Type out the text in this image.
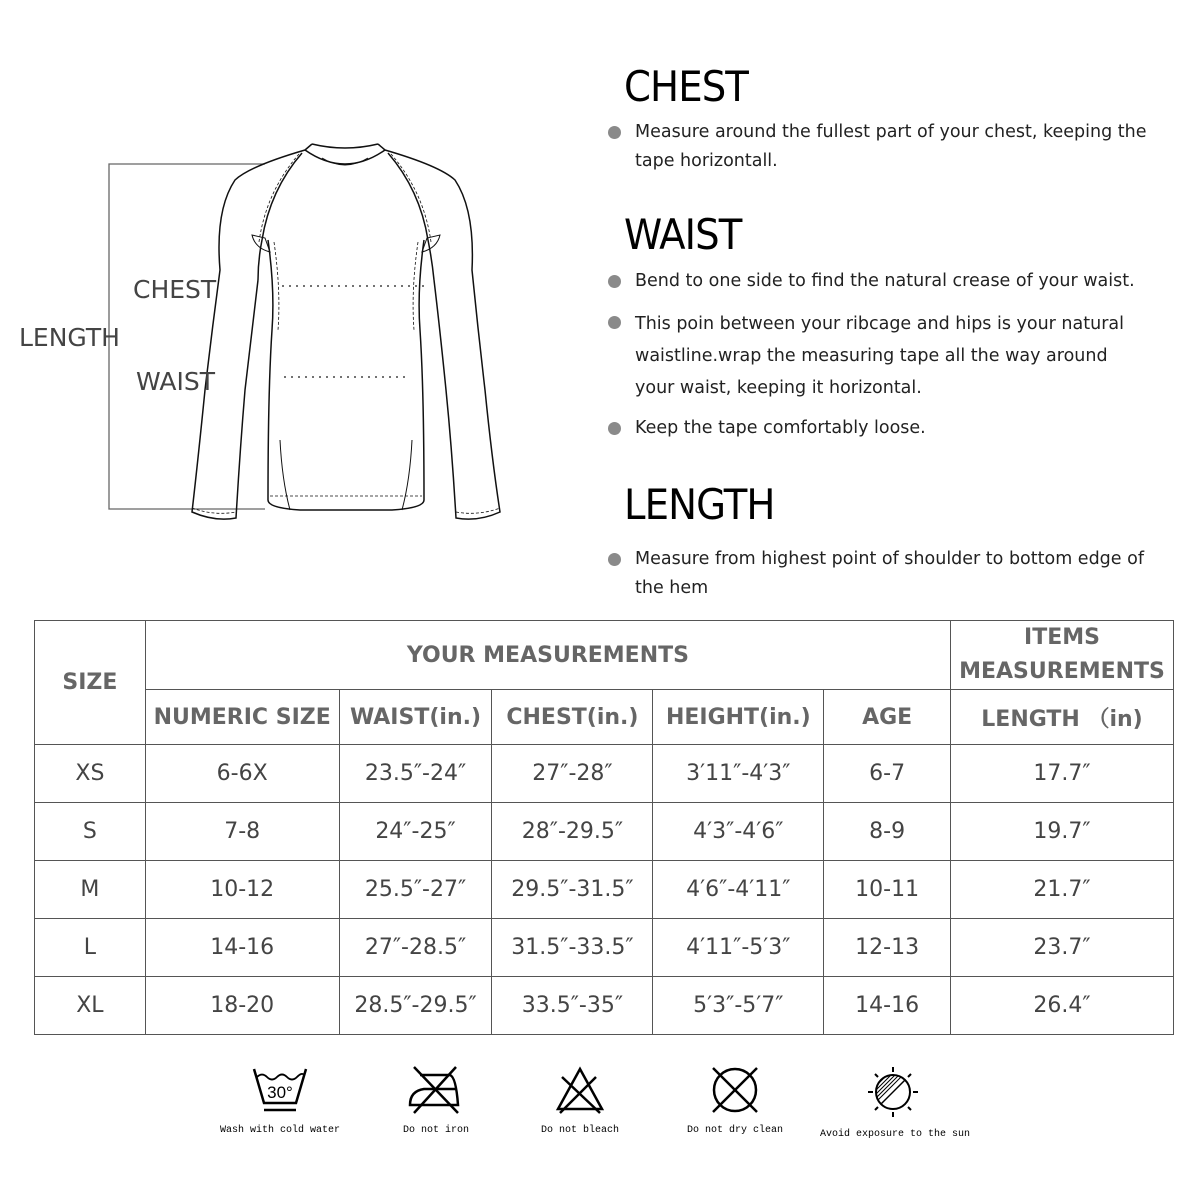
CHEST
WAIST
LENGTH
CHEST
Measure around the fullest part of your chest, keeping the tape horizontall.
WAIST
Bend to one side to find the natural crease of your waist.
This poin between your ribcage and hips is your natural waistline.wrap the measuring tape all the way around your waist, keeping it horizontal.
Keep the tape comfortably loose.
LENGTH
Measure from highest point of shoulder to bottom edge of the hem
SIZE	YOUR MEASUREMENTS					ITEMS MEASUREMENTS
	NUMERIC SIZE	WAIST(in.)	CHEST(in.)	HEIGHT(in.)	AGE	LENGTH （in)
XS	6-6X	23.5″-24″	27″-28″	3′11″-4′3″	6-7	17.7″
S	7-8	24″-25″	28″-29.5″	4′3″-4′6″	8-9	19.7″
M	10-12	25.5″-27″	29.5″-31.5″	4′6″-4′11″	10-11	21.7″
L	14-16	27″-28.5″	31.5″-33.5″	4′11″-5′3″	12-13	23.7″
XL	18-20	28.5″-29.5″	33.5″-35″	5′3″-5′7″	14-16	26.4″
30°
Wash with cold water	Do not iron	Do not bleach	Do not dry clean	Avoid exposure to the sun
